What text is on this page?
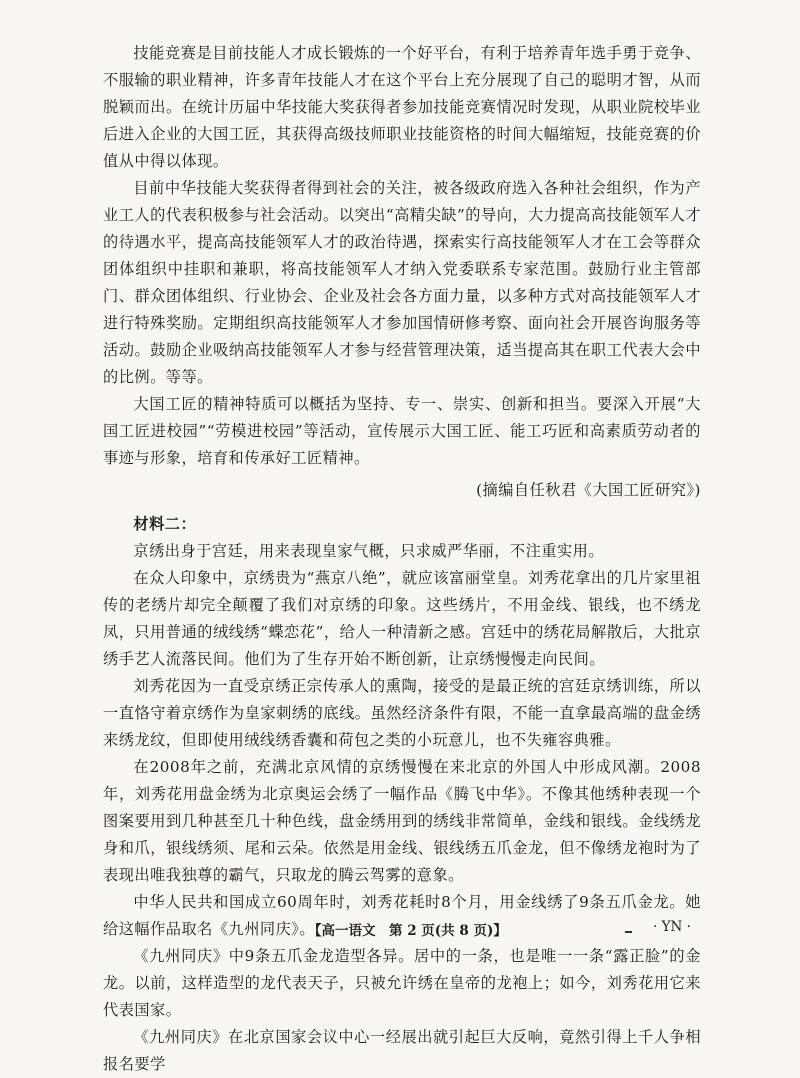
技能竞赛是目前技能人才成长锻炼的一个好平台，有利于培养青年选手勇于竞争、不服输的职业精神，许多青年技能人才在这个平台上充分展现了自己的聪明才智，从而脱颖而出。在统计历届中华技能大奖获得者参加技能竞赛情况时发现，从职业院校毕业后进入企业的大国工匠，其获得高级技师职业技能资格的时间大幅缩短，技能竞赛的价值从中得以体现。

目前中华技能大奖获得者得到社会的关注，被各级政府选入各种社会组织，作为产业工人的代表积极参与社会活动。以突出“高精尖缺”的导向，大力提高高技能领军人才的待遇水平，提高高技能领军人才的政治待遇，探索实行高技能领军人才在工会等群众团体组织中挂职和兼职，将高技能领军人才纳入党委联系专家范围。鼓励行业主管部门、群众团体组织、行业协会、企业及社会各方面力量，以多种方式对高技能领军人才进行特殊奖励。定期组织高技能领军人才参加国情研修考察、面向社会开展咨询服务等活动。鼓励企业吸纳高技能领军人才参与经营管理决策，适当提高其在职工代表大会中的比例。等等。

大国工匠的精神特质可以概括为坚持、专一、崇实、创新和担当。要深入开展“大国工匠进校园”“劳模进校园”等活动，宣传展示大国工匠、能工巧匠和高素质劳动者的事迹与形象，培育和传承好工匠精神。

(摘编自任秋君《大国工匠研究》)

材料二：

京绣出身于宫廷，用来表现皇家气概，只求威严华丽，不注重实用。

在众人印象中，京绣贵为“燕京八绝”，就应该富丽堂皇。刘秀花拿出的几片家里祖传的老绣片却完全颠覆了我们对京绣的印象。这些绣片，不用金线、银线，也不绣龙凤，只用普通的绒线绣“蝶恋花”，给人一种清新之感。宫廷中的绣花局解散后，大批京绣手艺人流落民间。他们为了生存开始不断创新，让京绣慢慢走向民间。

刘秀花因为一直受京绣正宗传承人的熏陶，接受的是最正统的宫廷京绣训练，所以一直恪守着京绣作为皇家刺绣的底线。虽然经济条件有限，不能一直拿最高端的盘金绣来绣龙纹，但即使用绒线绣香囊和荷包之类的小玩意儿，也不失雍容典雅。

在2008年之前，充满北京风情的京绣慢慢在来北京的外国人中形成风潮。2008年，刘秀花用盘金绣为北京奥运会绣了一幅作品《腾飞中华》。不像其他绣种表现一个图案要用到几种甚至几十种色线，盘金绣用到的绣线非常简单，金线和银线。金线绣龙身和爪，银线绣须、尾和云朵。依然是用金线、银线绣五爪金龙，但不像绣龙袍时为了表现出唯我独尊的霸气，只取龙的腾云驾雾的意象。

中华人民共和国成立60周年时，刘秀花耗时8个月，用金线绣了9条五爪金龙。她给这幅作品取名《九州同庆》。

《九州同庆》中9条五爪金龙造型各异。居中的一条，也是唯一一条“露正脸”的金龙。以前，这样造型的龙代表天子，只被允许绣在皇帝的龙袍上；如今，刘秀花用它来代表国家。

《九州同庆》在北京国家会议中心一经展出就引起巨大反响，竟然引得上千人争相报名要学

【高一语文　第 2 页(共 8 页)】	· YN ·
